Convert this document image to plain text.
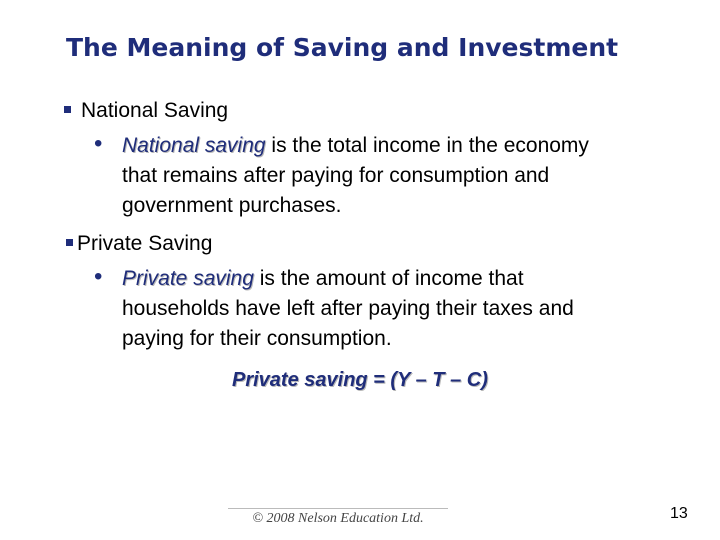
The Meaning of Saving and Investment
National Saving
• National saving is the total income in the economy
that remains after paying for consumption and
government purchases.
Private Saving
• Private saving is the amount of income that
households have left after paying their taxes and
paying for their consumption.
Private saving = (Y – T – C)
© 2008 Nelson Education Ltd.	13
